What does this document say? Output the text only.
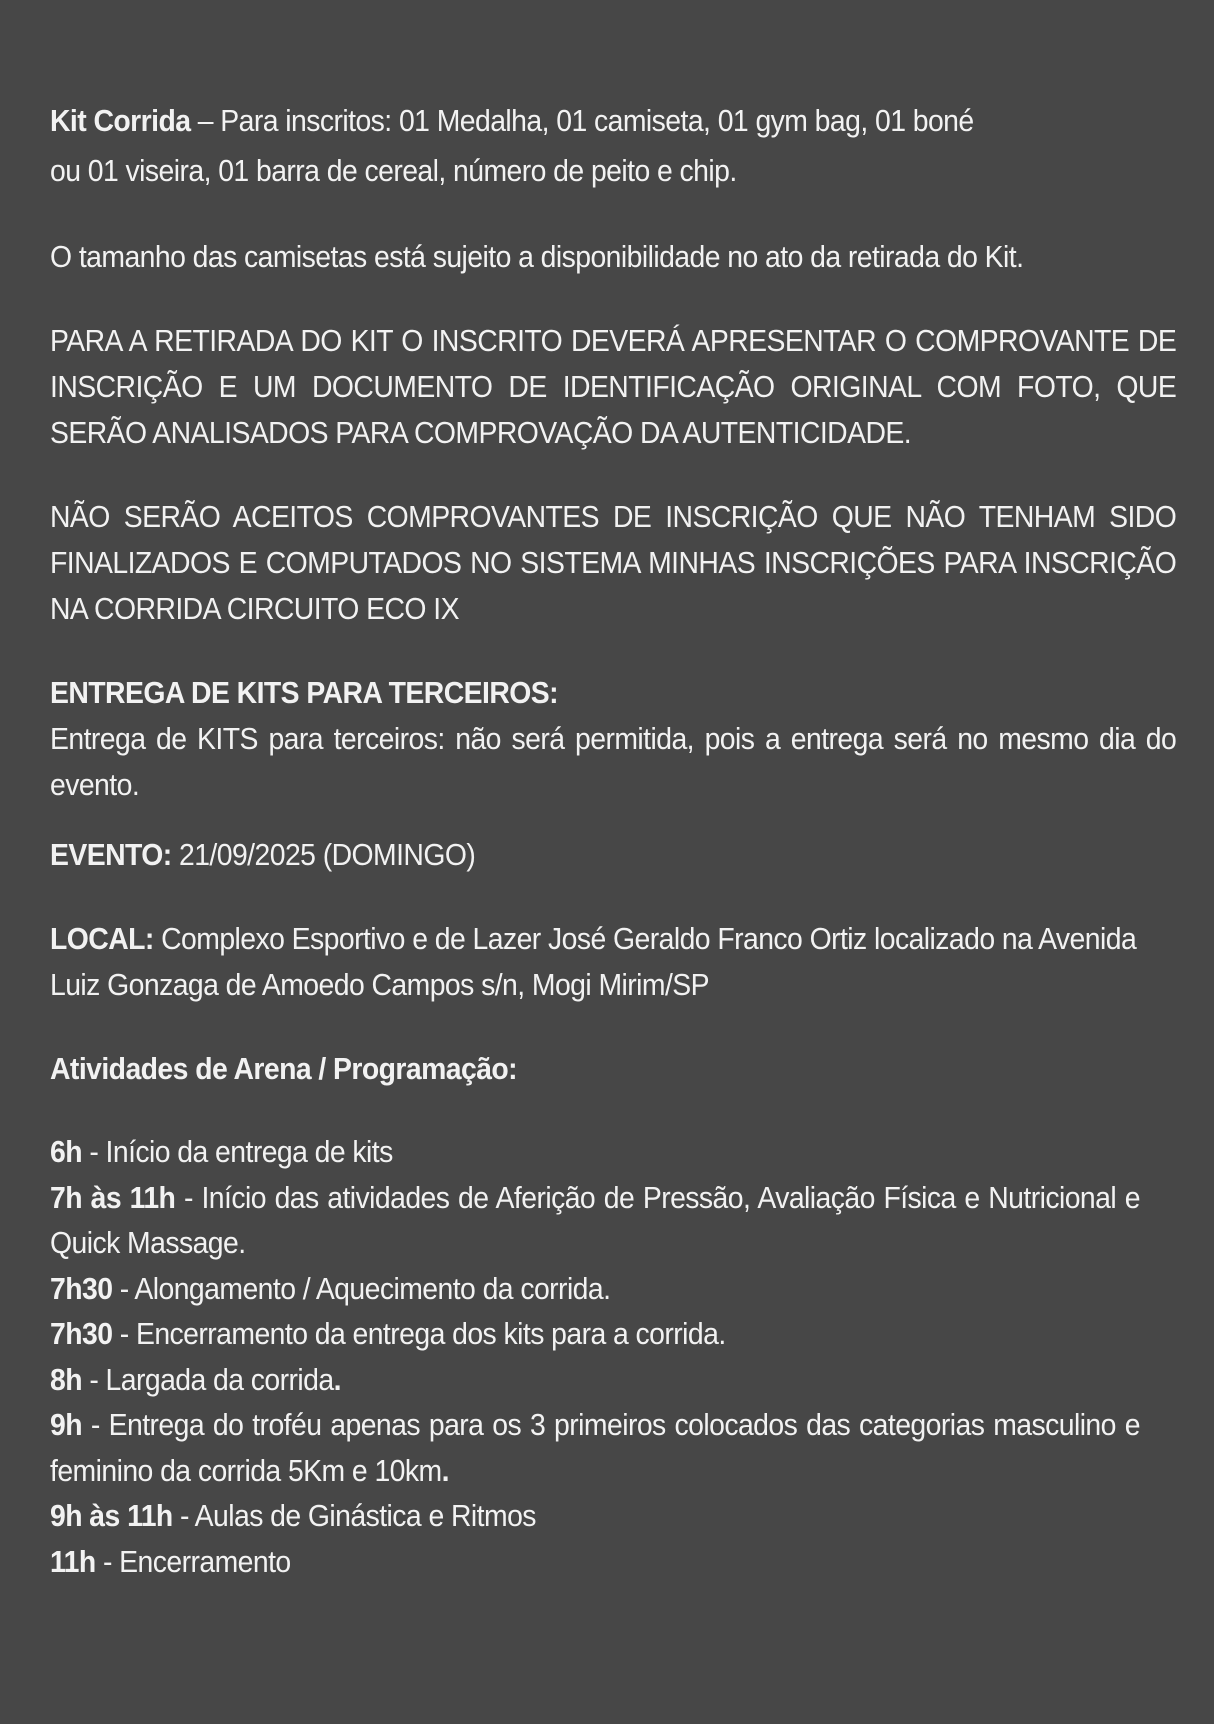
Kit Corrida – Para inscritos: 01 Medalha, 01 camiseta, 01 gym bag, 01 boné ou 01 viseira, 01 barra de cereal, número de peito e chip.

O tamanho das camisetas está sujeito a disponibilidade no ato da retirada do Kit.

PARA A RETIRADA DO KIT O INSCRITO DEVERÁ APRESENTAR O COMPROVANTE DE INSCRIÇÃO E UM DOCUMENTO DE IDENTIFICAÇÃO ORIGINAL COM FOTO, QUE SERÃO ANALISADOS PARA COMPROVAÇÃO DA AUTENTICIDADE.

NÃO SERÃO ACEITOS COMPROVANTES DE INSCRIÇÃO QUE NÃO TENHAM SIDO FINALIZADOS E COMPUTADOS NO SISTEMA MINHAS INSCRIÇÕES PARA INSCRIÇÃO NA CORRIDA CIRCUITO ECO IX

ENTREGA DE KITS PARA TERCEIROS:

Entrega de KITS para terceiros: não será permitida, pois a entrega será no mesmo dia do evento.

EVENTO: 21/09/2025 (DOMINGO)

LOCAL: Complexo Esportivo e de Lazer José Geraldo Franco Ortiz localizado na Avenida Luiz Gonzaga de Amoedo Campos s/n, Mogi Mirim/SP

Atividades de Arena / Programação:

6h - Início da entrega de kits

7h às 11h - Início das atividades de Aferição de Pressão, Avaliação Física e Nutricional e Quick Massage.

7h30 - Alongamento / Aquecimento da corrida.

7h30 - Encerramento da entrega dos kits para a corrida.

8h - Largada da corrida.

9h - Entrega do troféu apenas para os 3 primeiros colocados das categorias masculino e feminino da corrida 5Km e 10km.

9h às 11h - Aulas de Ginástica e Ritmos

11h - Encerramento
